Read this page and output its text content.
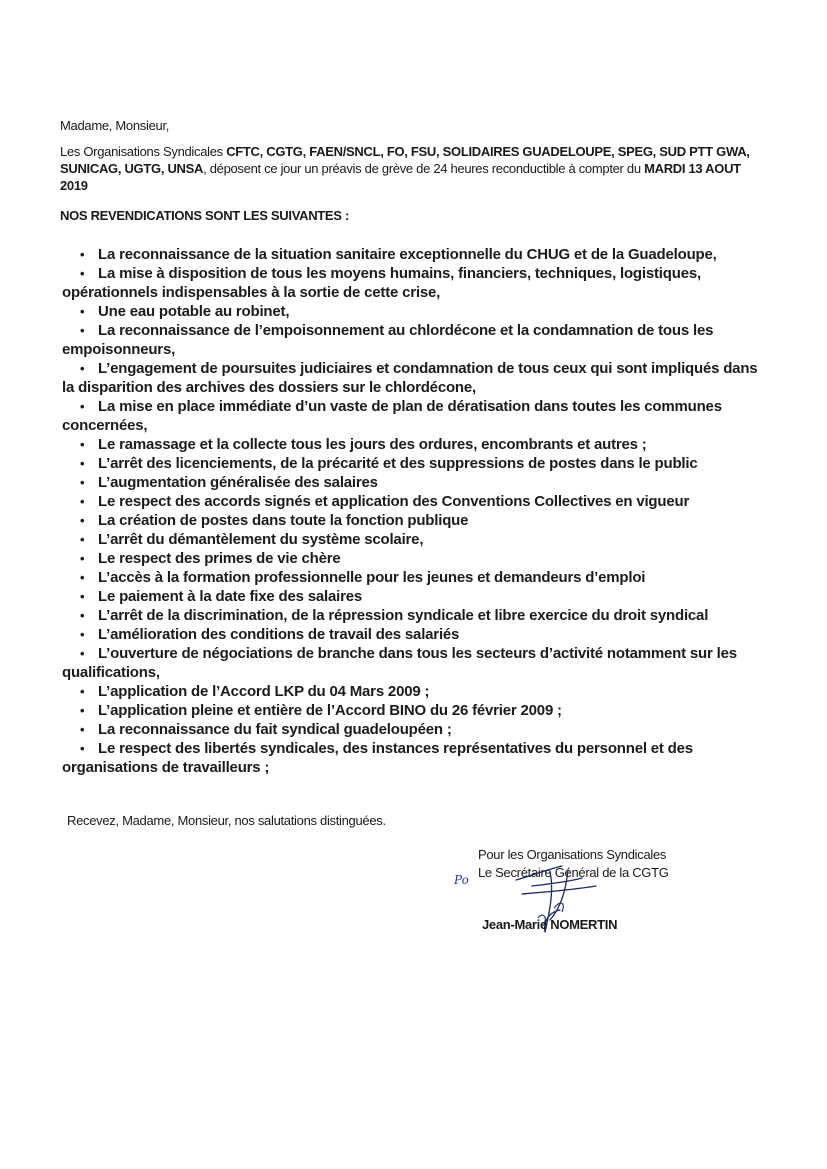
Madame, Monsieur,
Les Organisations Syndicales CFTC, CGTG, FAEN/SNCL, FO, FSU, SOLIDAIRES GUADELOUPE, SPEG, SUD PTT GWA, SUNICAG, UGTG, UNSA, déposent ce jour un préavis de grève de 24 heures reconductible à compter du MARDI 13 AOUT 2019
NOS REVENDICATIONS SONT LES SUIVANTES :
• La reconnaissance de la situation sanitaire exceptionnelle du CHUG et de la Guadeloupe,
• La mise à disposition de tous les moyens humains, financiers, techniques, logistiques, opérationnels indispensables à la sortie de cette crise,
• Une eau potable au robinet,
• La reconnaissance de l’empoisonnement au chlordécone et la condamnation de tous les empoisonneurs,
• L’engagement de poursuites judiciaires et condamnation de tous ceux qui sont impliqués dans la disparition des archives des dossiers sur le chlordécone,
• La mise en place immédiate d’un vaste de plan de dératisation dans toutes les communes concernées,
• Le ramassage et la collecte tous les jours des ordures, encombrants et autres ;
• L’arrêt des licenciements, de la précarité et des suppressions de postes dans le public
• L’augmentation généralisée des salaires
• Le respect des accords signés et application des Conventions Collectives en vigueur
• La création de postes dans toute la fonction publique
• L’arrêt du démantèlement du système scolaire,
• Le respect des primes de vie chère
• L’accès à la formation professionnelle pour les jeunes et demandeurs d’emploi
• Le paiement à la date fixe des salaires
• L’arrêt de la discrimination, de la répression syndicale et libre exercice du droit syndical
• L’amélioration des conditions de travail des salariés
• L’ouverture de négociations de branche dans tous les secteurs d’activité notamment sur les qualifications,
• L’application de l’Accord LKP du 04 Mars 2009 ;
• L’application pleine et entière de l’Accord BINO du 26 février 2009 ;
• La reconnaissance du fait syndical guadeloupéen ;
• Le respect des libertés syndicales, des instances représentatives du personnel et des organisations de travailleurs ;
Recevez, Madame, Monsieur, nos salutations distinguées.
Pour les Organisations Syndicales
Le Secrétaire Général de la CGTG
Po
Jean-Marie NOMERTIN
